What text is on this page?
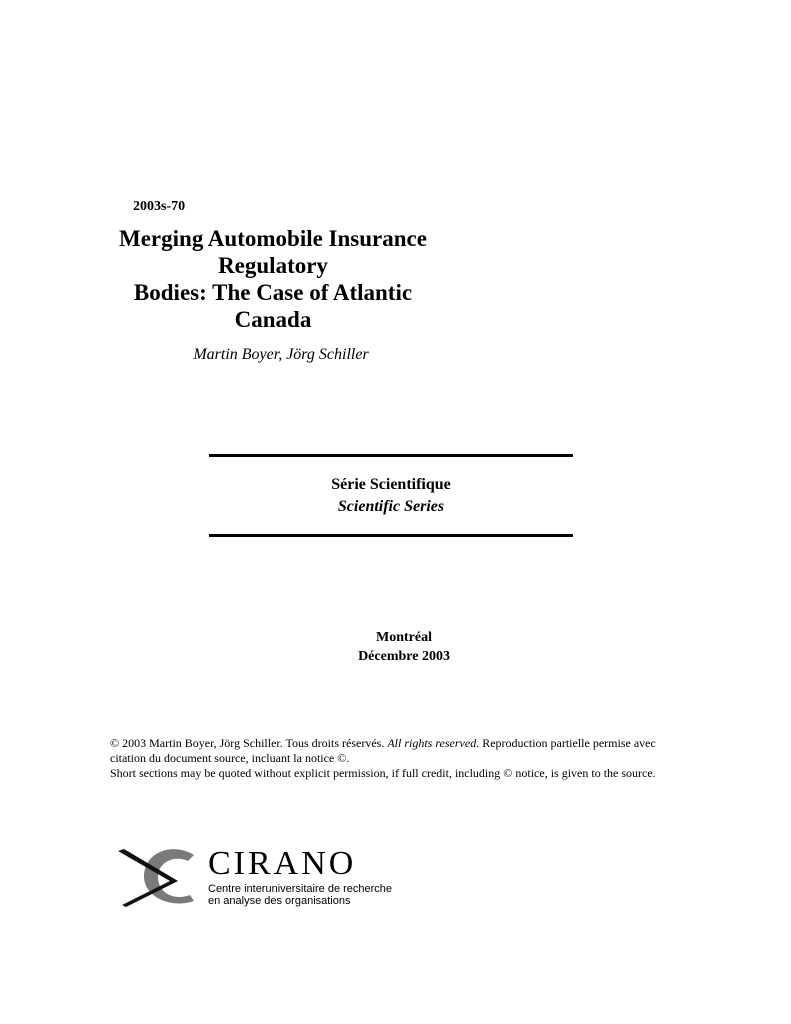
2003s-70
Merging Automobile Insurance
Regulatory
Bodies: The Case of Atlantic
Canada
Martin Boyer, Jörg Schiller
Série Scientifique
Scientific Series
Montréal
Décembre 2003
© 2003 Martin Boyer, Jörg Schiller. Tous droits réservés. All rights reserved. Reproduction partielle permise avec citation du document source, incluant la notice ©.
Short sections may be quoted without explicit permission, if full credit, including © notice, is given to the source.
CIRANO
Centre interuniversitaire de recherche
en analyse des organisations
